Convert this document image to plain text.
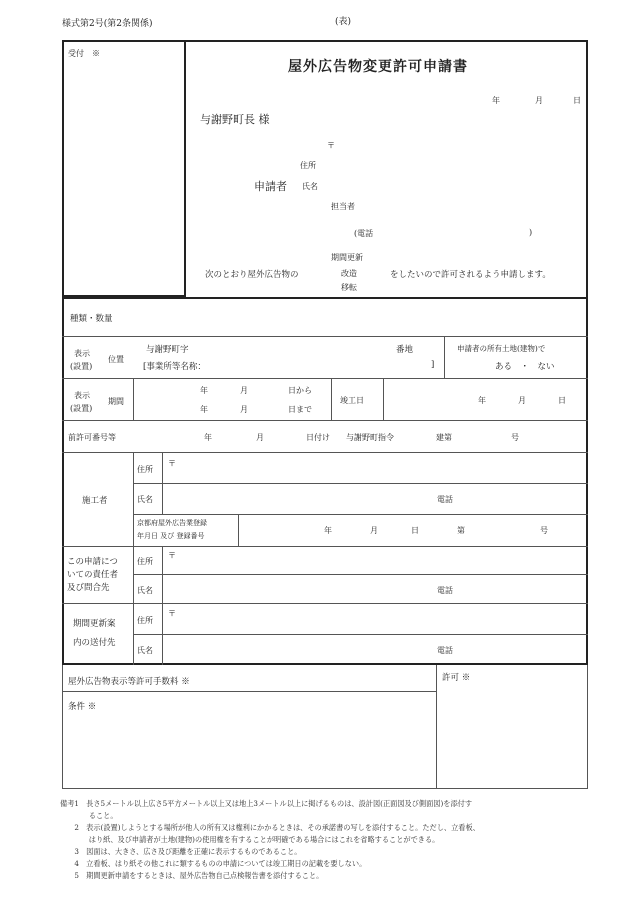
様式第2号(第2条関係)	(表)
受付　※
屋外広告物変更許可申請書
年	月	日
与謝野町長 様
〒
住所
申請者 氏名
担当者
(電話	)
次のとおり屋外広告物の
期間更新
改造
移転
をしたいので許可されるよう申請します。
種類・数量
表示
(設置)
位置
与謝野町字	番地
[事業所等名称：	]
申請者の所有土地(建物)で
ある　・　ない
表示
(設置)
期間
年	月	日から
年	月	日まで
竣工日	年	月	日
前許可番号等	年	月	日付け 与謝野町指令	建第	号
施工者
住所
〒
氏名	電話
京都府屋外広告業登録
年月日 及び 登録番号
年	月	日	第	号
この申請につ
いての責任者
及び問合先
住所
〒
氏名	電話
期間更新案
内の送付先
住所
〒
氏名	電話
屋外広告物表示等許可手数料 ※	許可 ※
条件 ※
備考1　長さ5メートル以上広さ5平方メートル以上又は地上3メートル以上に掲げるものは、設計図(正面図及び側面図)を添付す
　　　　ること。
　　2　表示(設置)しようとする場所が他人の所有又は権利にかかるときは、その承諾書の写しを添付すること。ただし、立看板、
　　　　はり紙、及び申請者が土地(建物)の使用権を有することが明確である場合にはこれを省略することができる。
　　3　図面は、大きさ、広さ及び距離を正確に表示するものであること。
　　4　立看板、はり紙その他これに類するものの申請については竣工期日の記載を要しない。
　　5　期間更新申請をするときは、屋外広告物自己点検報告書を添付すること。
